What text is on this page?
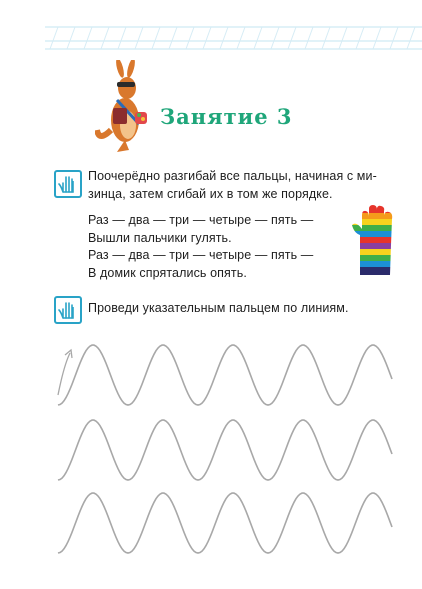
Занятие 3
Поочерёдно разгибай все пальцы, начиная с ми-
зинца, затем сгибай их в том же порядке.
Раз — два — три — четыре — пять —
Вышли пальчики гулять.
Раз — два — три — четыре — пять —
В домик спрятались опять.
Проведи указательным пальцем по линиям.
